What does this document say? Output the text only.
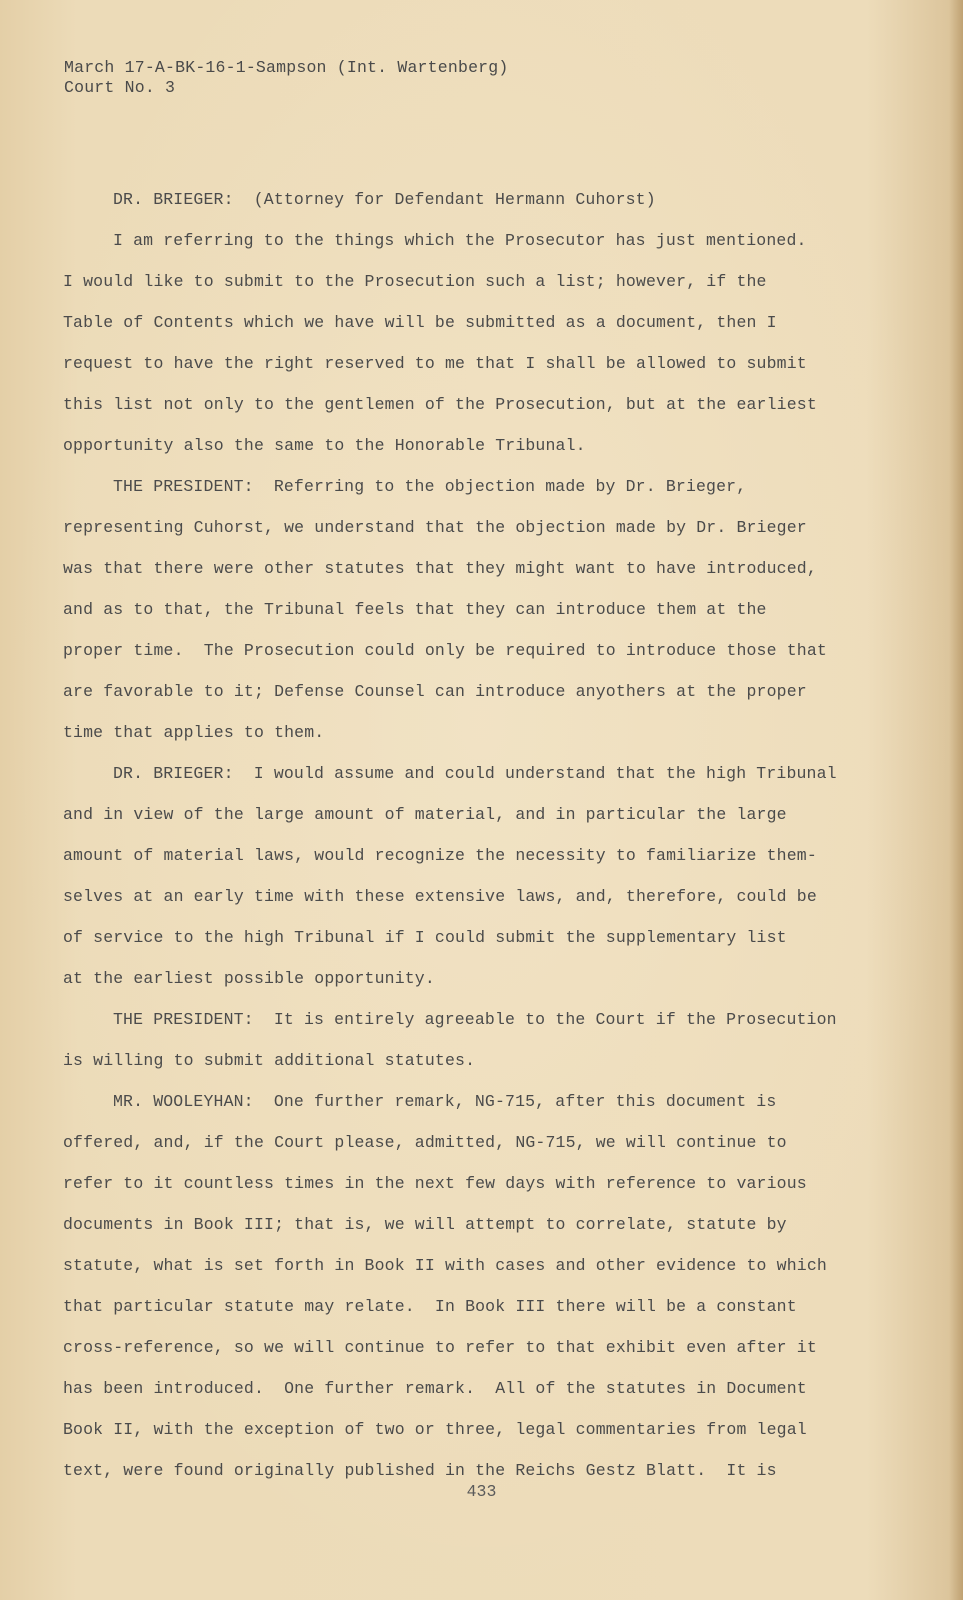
March 17-A-BK-16-1-Sampson (Int. Wartenberg)
Court No. 3
DR. BRIEGER:  (Attorney for Defendant Hermann Cuhorst)
I am referring to the things which the Prosecutor has just mentioned.
I would like to submit to the Prosecution such a list; however, if the
Table of Contents which we have will be submitted as a document, then I
request to have the right reserved to me that I shall be allowed to submit
this list not only to the gentlemen of the Prosecution, but at the earliest
opportunity also the same to the Honorable Tribunal.
THE PRESIDENT:  Referring to the objection made by Dr. Brieger,
representing Cuhorst, we understand that the objection made by Dr. Brieger
was that there were other statutes that they might want to have introduced,
and as to that, the Tribunal feels that they can introduce them at the
proper time.  The Prosecution could only be required to introduce those that
are favorable to it; Defense Counsel can introduce anyothers at the proper
time that applies to them.
DR. BRIEGER:  I would assume and could understand that the high Tribunal
and in view of the large amount of material, and in particular the large
amount of material laws, would recognize the necessity to familiarize them-
selves at an early time with these extensive laws, and, therefore, could be
of service to the high Tribunal if I could submit the supplementary list
at the earliest possible opportunity.
THE PRESIDENT:  It is entirely agreeable to the Court if the Prosecution
is willing to submit additional statutes.
MR. WOOLEYHAN:  One further remark, NG-715, after this document is
offered, and, if the Court please, admitted, NG-715, we will continue to
refer to it countless times in the next few days with reference to various
documents in Book III; that is, we will attempt to correlate, statute by
statute, what is set forth in Book II with cases and other evidence to which
that particular statute may relate.  In Book III there will be a constant
cross-reference, so we will continue to refer to that exhibit even after it
has been introduced.  One further remark.  All of the statutes in Document
Book II, with the exception of two or three, legal commentaries from legal
text, were found originally published in the Reichs Gestz Blatt.  It is
433
